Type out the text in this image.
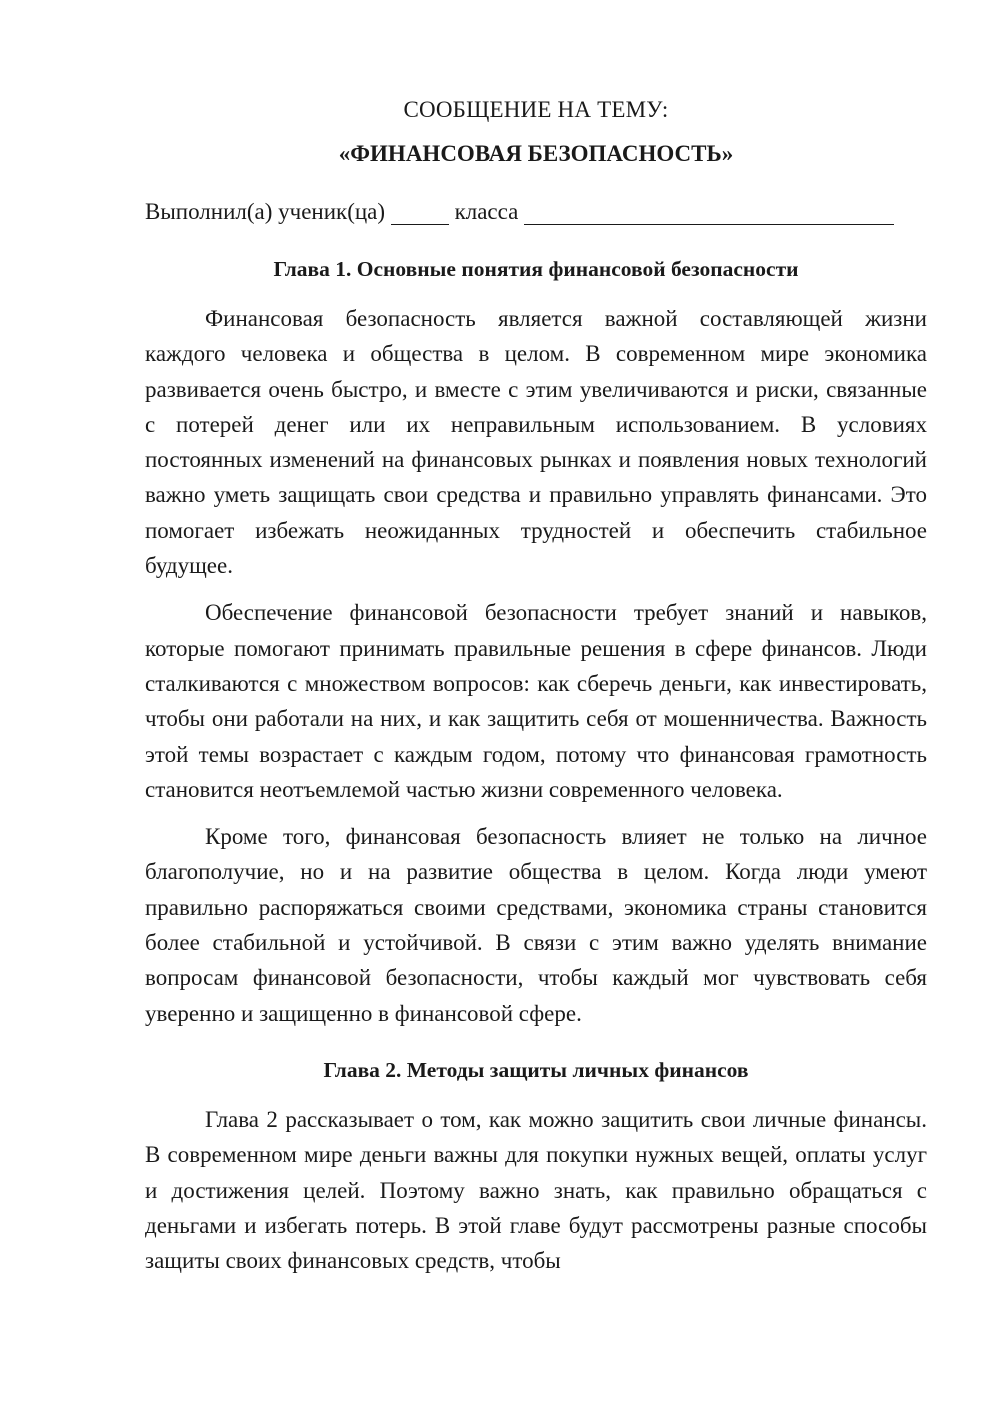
СООБЩЕНИЕ НА ТЕМУ:

«ФИНАНСОВАЯ БЕЗОПАСНОСТЬ»

Выполнил(а) ученик(ца)	класса

Глава 1. Основные понятия финансовой безопасности

Финансовая безопасность является важной составляющей жизни каждого человека и общества в целом. В современном мире экономика развивается очень быстро, и вместе с этим увеличиваются и риски, связанные с потерей денег или их неправильным использованием. В условиях постоянных изменений на финансовых рынках и появления новых технологий важно уметь защищать свои средства и правильно управлять финансами. Это помогает избежать неожиданных трудностей и обеспечить стабильное будущее.

Обеспечение финансовой безопасности требует знаний и навыков, которые помогают принимать правильные решения в сфере финансов. Люди сталкиваются с множеством вопросов: как сберечь деньги, как инвестировать, чтобы они работали на них, и как защитить себя от мошенничества. Важность этой темы возрастает с каждым годом, потому что финансовая грамотность становится неотъемлемой частью жизни современного человека.

Кроме того, финансовая безопасность влияет не только на личное благополучие, но и на развитие общества в целом. Когда люди умеют правильно распоряжаться своими средствами, экономика страны становится более стабильной и устойчивой. В связи с этим важно уделять внимание вопросам финансовой безопасности, чтобы каждый мог чувствовать себя уверенно и защищенно в финансовой сфере.

Глава 2. Методы защиты личных финансов

Глава 2 рассказывает о том, как можно защитить свои личные финансы. В современном мире деньги важны для покупки нужных вещей, оплаты услуг и достижения целей. Поэтому важно знать, как правильно обращаться с деньгами и избегать потерь. В этой главе будут рассмотрены разные способы защиты своих финансовых средств, чтобы
